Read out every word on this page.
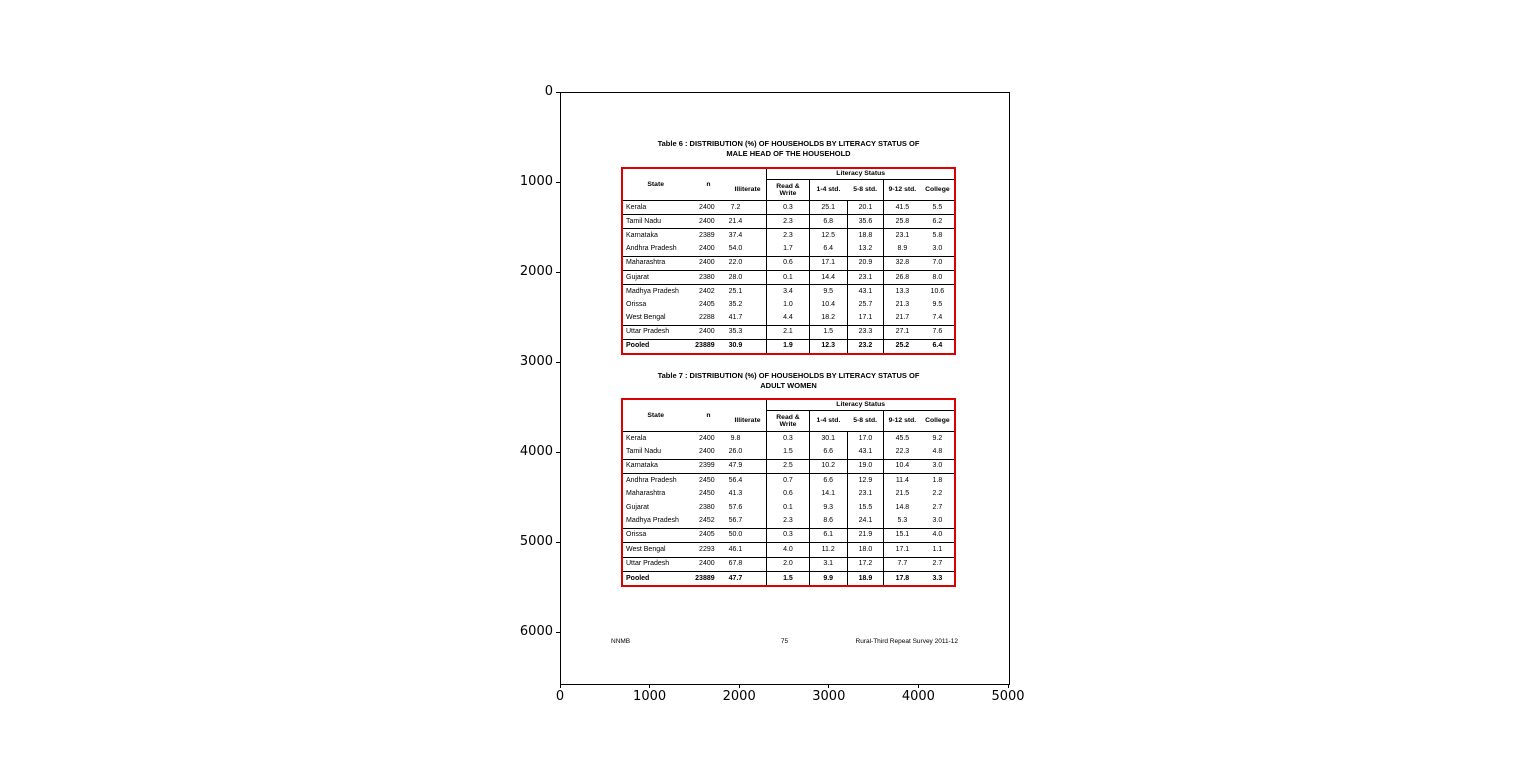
Table 6 : DISTRIBUTION (%) OF HOUSEHOLDS BY LITERACY STATUS OF
MALE HEAD OF THE HOUSEHOLD
State	n		Literacy Status				
		Illiterate	Read &
Write	1-4 std.	5-8 std.	9-12 std.	College
Kerala	2400	7.2	0.3	25.1	20.1	41.5	5.5
Tamil Nadu	2400	21.4	2.3	6.8	35.6	25.8	6.2
Karnataka	2389	37.4	2.3	12.5	18.8	23.1	5.8
Andhra Pradesh	2400	54.0	1.7	6.4	13.2	8.9	3.0
Maharashtra	2400	22.0	0.6	17.1	20.9	32.8	7.0
Gujarat	2380	28.0	0.1	14.4	23.1	26.8	8.0
Madhya Pradesh	2402	25.1	3.4	9.5	43.1	13.3	10.6
Orissa	2405	35.2	1.0	10.4	25.7	21.3	9.5
West Bengal	2288	41.7	4.4	18.2	17.1	21.7	7.4
Uttar Pradesh	2400	35.3	2.1	1.5	23.3	27.1	7.6
Pooled	23889	30.9	1.9	12.3	23.2	25.2	6.4
Table 7 : DISTRIBUTION (%) OF HOUSEHOLDS BY LITERACY STATUS OF
ADULT WOMEN
State	n		Literacy Status				
		Illiterate	Read &
Write	1-4 std.	5-8 std.	9-12 std.	College
Kerala	2400	9.8	0.3	30.1	17.0	45.5	9.2
Tamil Nadu	2400	26.0	1.5	6.6	43.1	22.3	4.8
Karnataka	2399	47.9	2.5	10.2	19.0	10.4	3.0
Andhra Pradesh	2450	56.4	0.7	6.6	12.9	11.4	1.8
Maharashtra	2450	41.3	0.6	14.1	23.1	21.5	2.2
Gujarat	2380	57.6	0.1	9.3	15.5	14.8	2.7
Madhya Pradesh	2452	56.7	2.3	8.6	24.1	5.3	3.0
Orissa	2405	50.0	0.3	6.1	21.9	15.1	4.0
West Bengal	2293	46.1	4.0	11.2	18.0	17.1	1.1
Uttar Pradesh	2400	67.8	2.0	3.1	17.2	7.7	2.7
Pooled	23889	47.7	1.5	9.9	18.9	17.8	3.3
NNMB	75	Rural-Third Repeat Survey 2011-12
0	1000	2000	3000	4000	5000
0
1000
2000
3000
4000
5000
6000
